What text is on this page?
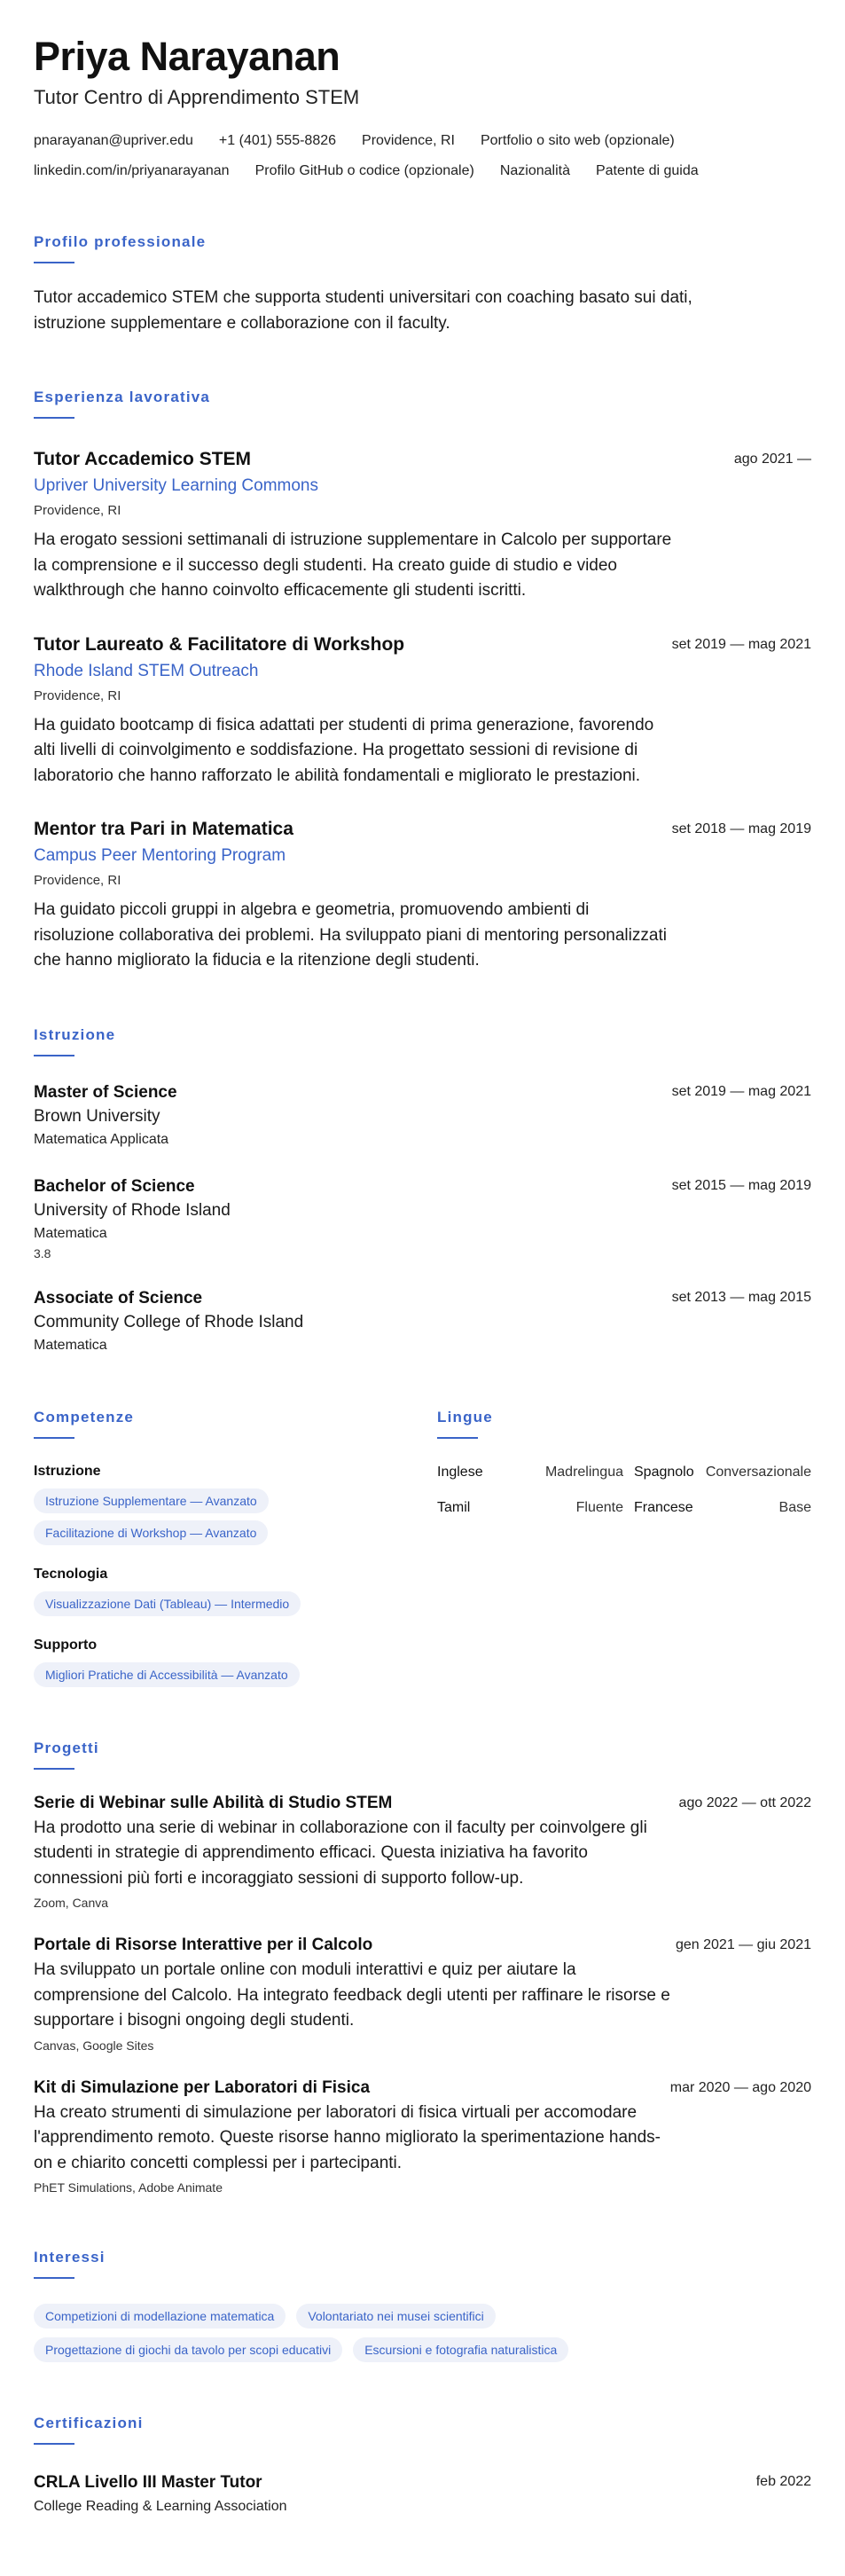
Priya Narayanan
Tutor Centro di Apprendimento STEM
pnarayanan@upriver.edu +1 (401) 555-8826 Providence, RI Portfolio o sito web (opzionale)
linkedin.com/in/priyanarayanan Profilo GitHub o codice (opzionale) Nazionalità Patente di guida
Profilo professionale

Tutor accademico STEM che supporta studenti universitari con coaching basato sui dati, istruzione supplementare e collaborazione con il faculty.

Esperienza lavorativa
Tutor Accademico STEM
Upriver University Learning Commons
Providence, RI

Ha erogato sessioni settimanali di istruzione supplementare in Calcolo per supportare la comprensione e il successo degli studenti. Ha creato guide di studio e video walkthrough che hanno coinvolto efficacemente gli studenti iscritti.

ago 2021 —
Tutor Laureato & Facilitatore di Workshop
Rhode Island STEM Outreach
Providence, RI

Ha guidato bootcamp di fisica adattati per studenti di prima generazione, favorendo alti livelli di coinvolgimento e soddisfazione. Ha progettato sessioni di revisione di laboratorio che hanno rafforzato le abilità fondamentali e migliorato le prestazioni.

set 2019 — mag 2021
Mentor tra Pari in Matematica
Campus Peer Mentoring Program
Providence, RI

Ha guidato piccoli gruppi in algebra e geometria, promuovendo ambienti di risoluzione collaborativa dei problemi. Ha sviluppato piani di mentoring personalizzati che hanno migliorato la fiducia e la ritenzione degli studenti.

set 2018 — mag 2019
Istruzione
Master of Science
Brown University
Matematica Applicata
set 2019 — mag 2021
Bachelor of Science
University of Rhode Island
Matematica
3.8
set 2015 — mag 2019
Associate of Science
Community College of Rhode Island
Matematica
set 2013 — mag 2015
Competenze
Istruzione
Istruzione Supplementare — Avanzato
Facilitazione di Workshop — Avanzato
Tecnologia
Visualizzazione Dati (Tableau) — Intermedio
Supporto
Migliori Pratiche di Accessibilità — Avanzato
Lingue
Inglese	Madrelingua Spagnolo Conversazionale
Tamil	Fluente Francese	Base
Progetti
Serie di Webinar sulle Abilità di Studio STEM

Ha prodotto una serie di webinar in collaborazione con il faculty per coinvolgere gli studenti in strategie di apprendimento efficaci. Questa iniziativa ha favorito connessioni più forti e incoraggiato sessioni di supporto follow-up.

Zoom, Canva
ago 2022 — ott 2022
Portale di Risorse Interattive per il Calcolo

Ha sviluppato un portale online con moduli interattivi e quiz per aiutare la comprensione del Calcolo. Ha integrato feedback degli utenti per raffinare le risorse e supportare i bisogni ongoing degli studenti.

Canvas, Google Sites
gen 2021 — giu 2021
Kit di Simulazione per Laboratori di Fisica

Ha creato strumenti di simulazione per laboratori di fisica virtuali per accomodare l'apprendimento remoto. Queste risorse hanno migliorato la sperimentazione hands-on e chiarito concetti complessi per i partecipanti.

PhET Simulations, Adobe Animate
mar 2020 — ago 2020
Interessi
Competizioni di modellazione matematica	Volontariato nei musei scientifici
Progettazione di giochi da tavolo per scopi educativi	Escursioni e fotografia naturalistica
Certificazioni
CRLA Livello III Master Tutor
College Reading & Learning Association
feb 2022
